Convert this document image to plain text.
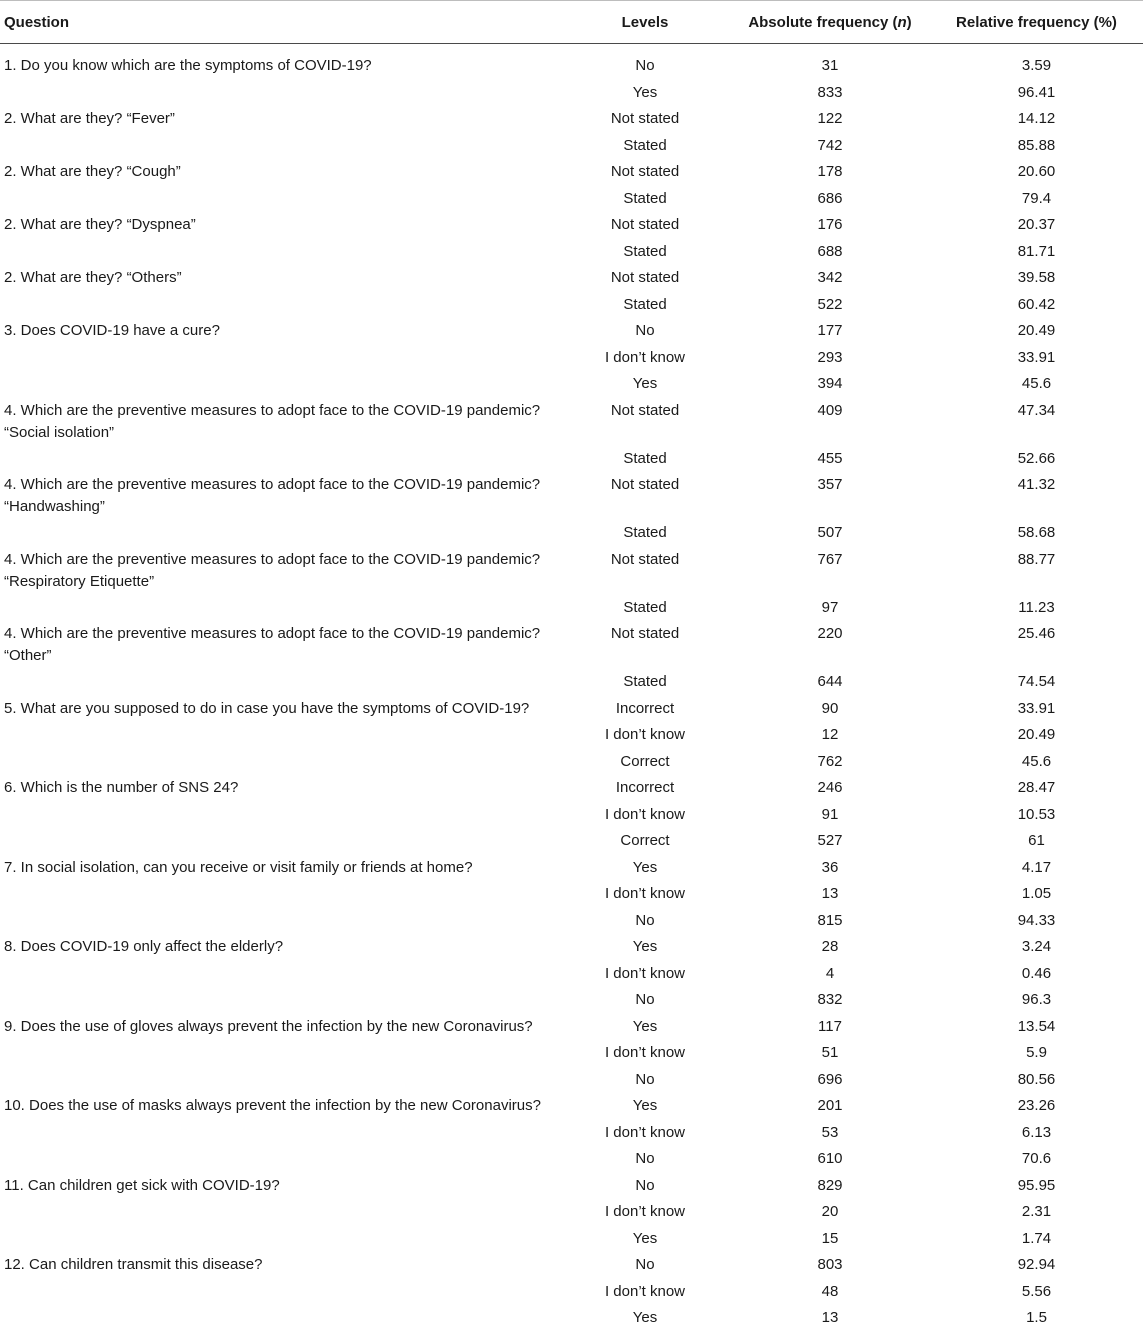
Question	Levels	Absolute frequency (n)	Relative frequency (%)
1. Do you know which are the symptoms of COVID-19?	No	31	3.59
	Yes	833	96.41
2. What are they? “Fever”	Not stated	122	14.12
	Stated	742	85.88
2. What are they? “Cough”	Not stated	178	20.60
	Stated	686	79.4
2. What are they? “Dyspnea”	Not stated	176	20.37
	Stated	688	81.71
2. What are they? “Others”	Not stated	342	39.58
	Stated	522	60.42
3. Does COVID-19 have a cure?	No	177	20.49
	I don’t know	293	33.91
	Yes	394	45.6
4. Which are the preventive measures to adopt face to the COVID-19 pandemic?
“Social isolation”	Not stated	409	47.34
	Stated	455	52.66
4. Which are the preventive measures to adopt face to the COVID-19 pandemic?
“Handwashing”	Not stated	357	41.32
	Stated	507	58.68
4. Which are the preventive measures to adopt face to the COVID-19 pandemic?
“Respiratory Etiquette”	Not stated	767	88.77
	Stated	97	11.23
4. Which are the preventive measures to adopt face to the COVID-19 pandemic?
“Other”	Not stated	220	25.46
	Stated	644	74.54
5. What are you supposed to do in case you have the symptoms of COVID-19?	Incorrect	90	33.91
	I don’t know	12	20.49
	Correct	762	45.6
6. Which is the number of SNS 24?	Incorrect	246	28.47
	I don’t know	91	10.53
	Correct	527	61
7. In social isolation, can you receive or visit family or friends at home?	Yes	36	4.17
	I don’t know	13	1.05
	No	815	94.33
8. Does COVID-19 only affect the elderly?	Yes	28	3.24
	I don’t know	4	0.46
	No	832	96.3
9. Does the use of gloves always prevent the infection by the new Coronavirus?	Yes	117	13.54
	I don’t know	51	5.9
	No	696	80.56
10. Does the use of masks always prevent the infection by the new Coronavirus?	Yes	201	23.26
	I don’t know	53	6.13
	No	610	70.6
11. Can children get sick with COVID-19?	No	829	95.95
	I don’t know	20	2.31
	Yes	15	1.74
12. Can children transmit this disease?	No	803	92.94
	I don’t know	48	5.56
	Yes	13	1.5
